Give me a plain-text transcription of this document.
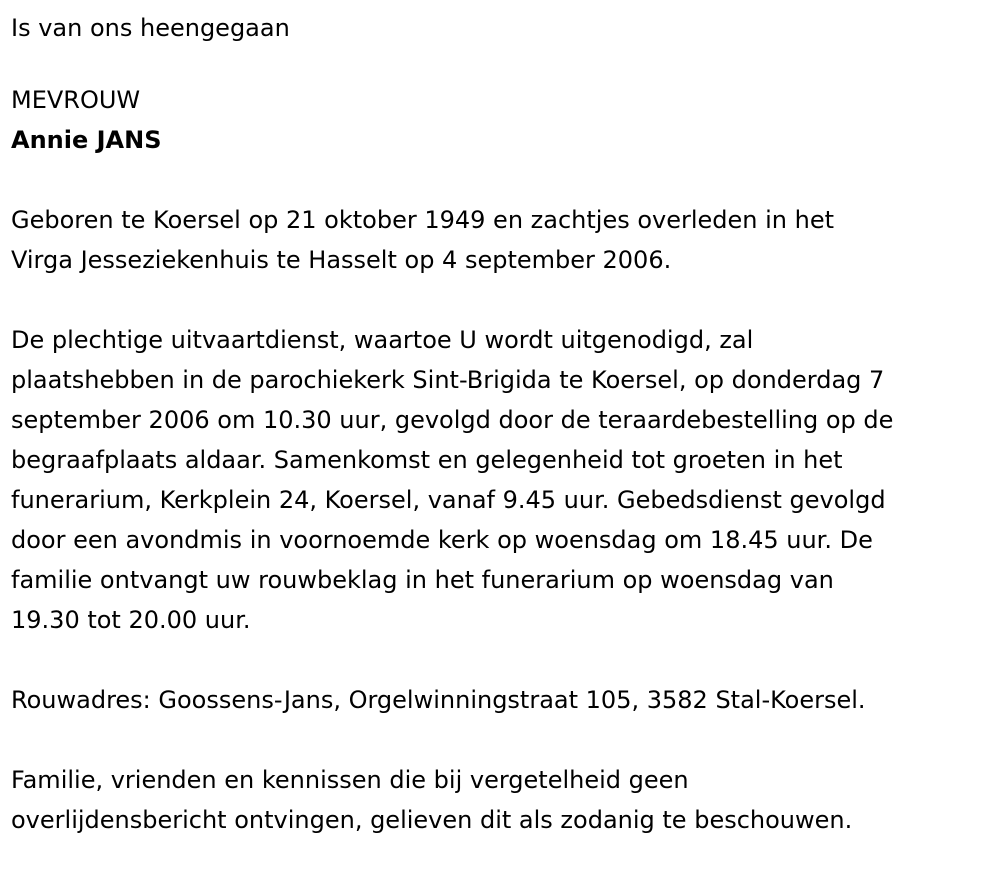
Is van ons heengegaan
MEVROUW
Annie JANS
Geboren te Koersel op 21 oktober 1949 en zachtjes overleden in het
Virga Jesseziekenhuis te Hasselt op 4 september 2006.
De plechtige uitvaartdienst, waartoe U wordt uitgenodigd, zal
plaatshebben in de parochiekerk Sint-Brigida te Koersel, op donderdag 7
september 2006 om 10.30 uur, gevolgd door de teraardebestelling op de
begraafplaats aldaar. Samenkomst en gelegenheid tot groeten in het
funerarium, Kerkplein 24, Koersel, vanaf 9.45 uur. Gebedsdienst gevolgd
door een avondmis in voornoemde kerk op woensdag om 18.45 uur. De
familie ontvangt uw rouwbeklag in het funerarium op woensdag van
19.30 tot 20.00 uur.
Rouwadres: Goossens-Jans, Orgelwinningstraat 105, 3582 Stal-Koersel.
Familie, vrienden en kennissen die bij vergetelheid geen
overlijdensbericht ontvingen, gelieven dit als zodanig te beschouwen.
